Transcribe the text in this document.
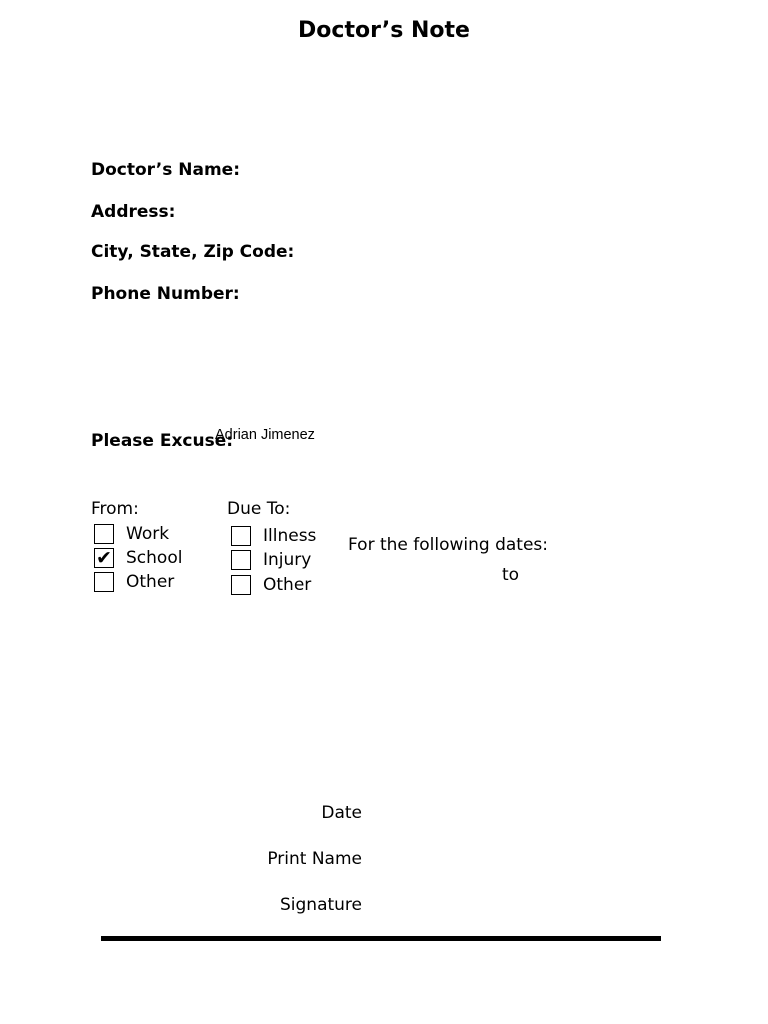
Doctor’s Note
Doctor’s Name:
Address:
City, State, Zip Code:
Phone Number:
Please Excuse:
Adrian Jimenez
From:
Work
✔ School
Other
Due To:
Illness
Injury
Other
For the following dates:
to
Date
Print Name
Signature
